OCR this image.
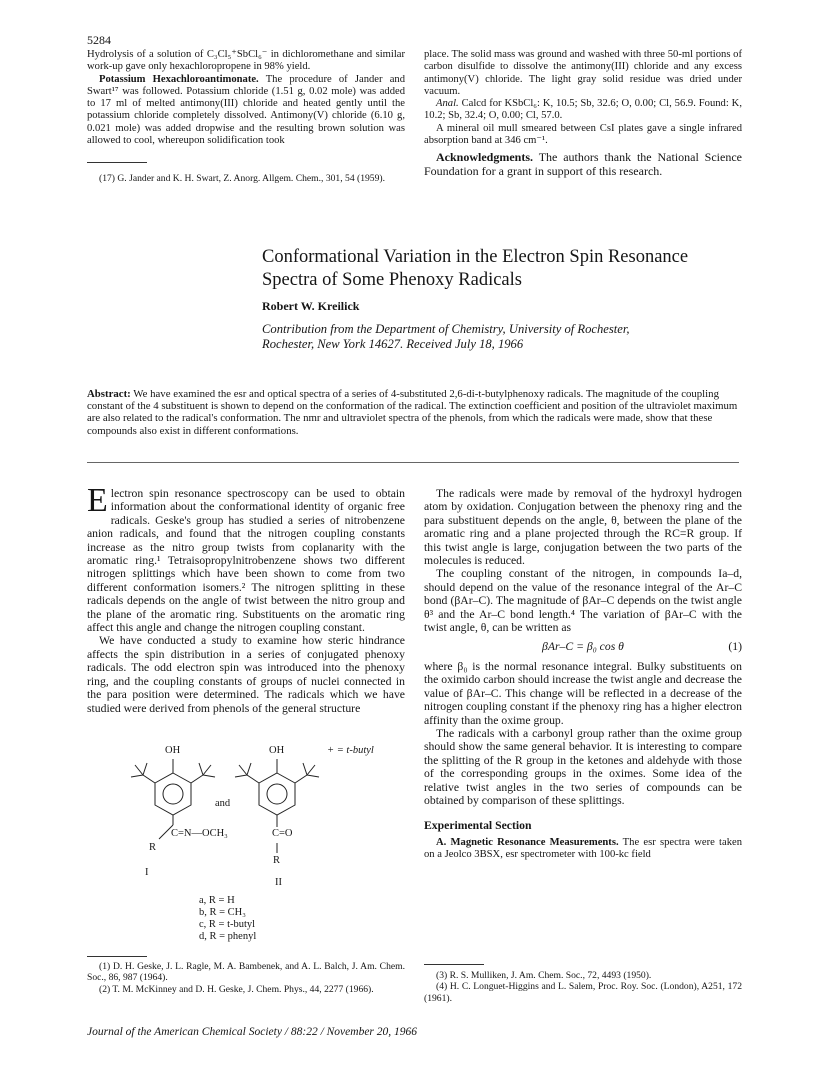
5284

Hydrolysis of a solution of C₃Cl₅⁺SbCl₆⁻ in dichloromethane and similar work-up gave only hexachloropropene in 98% yield.

Potassium Hexachloroantimonate. The procedure of Jander and Swart¹⁷ was followed. Potassium chloride (1.51 g, 0.02 mole) was added to 17 ml of melted antimony(III) chloride and heated gently until the potassium chloride completely dissolved. Antimony(V) chloride (6.10 g, 0.021 mole) was added dropwise and the resulting brown solution was allowed to cool, whereupon solidification took

(17) G. Jander and K. H. Swart, Z. Anorg. Allgem. Chem., 301, 54 (1959).

place. The solid mass was ground and washed with three 50-ml portions of carbon disulfide to dissolve the antimony(III) chloride and any excess antimony(V) chloride. The light gray solid residue was dried under vacuum.

Anal. Calcd for KSbCl₆: K, 10.5; Sb, 32.6; O, 0.00; Cl, 56.9. Found: K, 10.2; Sb, 32.4; O, 0.00; Cl, 57.0.

A mineral oil mull smeared between CsI plates gave a single infrared absorption band at 346 cm⁻¹.

Acknowledgments. The authors thank the National Science Foundation for a grant in support of this research.

Conformational Variation in the Electron Spin Resonance
Spectra of Some Phenoxy Radicals
Robert W. Kreilick
Contribution from the Department of Chemistry, University of Rochester,
Rochester, New York 14627. Received July 18, 1966
Abstract: We have examined the esr and optical spectra of a series of 4-substituted 2,6-di-t-butylphenoxy radicals. The magnitude of the coupling constant of the 4 substituent is shown to depend on the conformation of the radical. The extinction coefficient and position of the ultraviolet maximum are also related to the radical's conformation. The nmr and ultraviolet spectra of the phenols, from which the radicals were made, show that these compounds also exist in different conformations.

Electron spin resonance spectroscopy can be used to obtain information about the conformational identity of organic free radicals. Geske's group has studied a series of nitrobenzene anion radicals, and found that the nitrogen coupling constants increase as the nitro group twists from coplanarity with the aromatic ring.¹ Tetraisopropylnitrobenzene shows two different nitrogen splittings which have been shown to come from two different conformation isomers.² The nitrogen splitting in these radicals depends on the angle of twist between the nitro group and the plane of the aromatic ring. Substituents on the aromatic ring affect this angle and change the nitrogen coupling constant.

We have conducted a study to examine how steric hindrance affects the spin distribution in a series of conjugated phenoxy radicals. The odd electron spin was introduced into the phenoxy ring, and the coupling constants of groups of nuclei connected in the para position were determined. The radicals which we have studied were derived from phenols of the general structure

OH	OH	+ = t-butyl
and
C=N—OCH₃
R
C=O
R
I
II
a, R = H
b, R = CH₃
c, R = t-butyl
d, R = phenyl

(1) D. H. Geske, J. L. Ragle, M. A. Bambenek, and A. L. Balch, J. Am. Chem. Soc., 86, 987 (1964).

(2) T. M. McKinney and D. H. Geske, J. Chem. Phys., 44, 2277 (1966).

The radicals were made by removal of the hydroxyl hydrogen atom by oxidation. Conjugation between the phenoxy ring and the para substituent depends on the angle, θ, between the plane of the aromatic ring and a plane projected through the RC=R group. If this twist angle is large, conjugation between the two parts of the molecules is reduced.

The coupling constant of the nitrogen, in compounds Ia–d, should depend on the value of the resonance integral of the Ar–C bond (βAr–C). The magnitude of βAr–C depends on the twist angle θ³ and the Ar–C bond length.⁴ The variation of βAr–C with the twist angle, θ, can be written as

βAr–C = β₀ cos θ	(1)

where β₀ is the normal resonance integral. Bulky substituents on the oximido carbon should increase the twist angle and decrease the value of βAr–C. This change will be reflected in a decrease of the nitrogen coupling constant if the phenoxy ring has a higher electron affinity than the oxime group.

The radicals with a carbonyl group rather than the oxime group should show the same general behavior. It is interesting to compare the splitting of the R group in the ketones and aldehyde with those of the corresponding groups in the oximes. Some idea of the relative twist angles in the two series of compounds can be obtained by comparison of these splittings.

Experimental Section

A. Magnetic Resonance Measurements. The esr spectra were taken on a Jeolco 3BSX, esr spectrometer with 100-kc field

(3) R. S. Mulliken, J. Am. Chem. Soc., 72, 4493 (1950).

(4) H. C. Longuet-Higgins and L. Salem, Proc. Roy. Soc. (London), A251, 172 (1961).

Journal of the American Chemical Society / 88:22 / November 20, 1966
